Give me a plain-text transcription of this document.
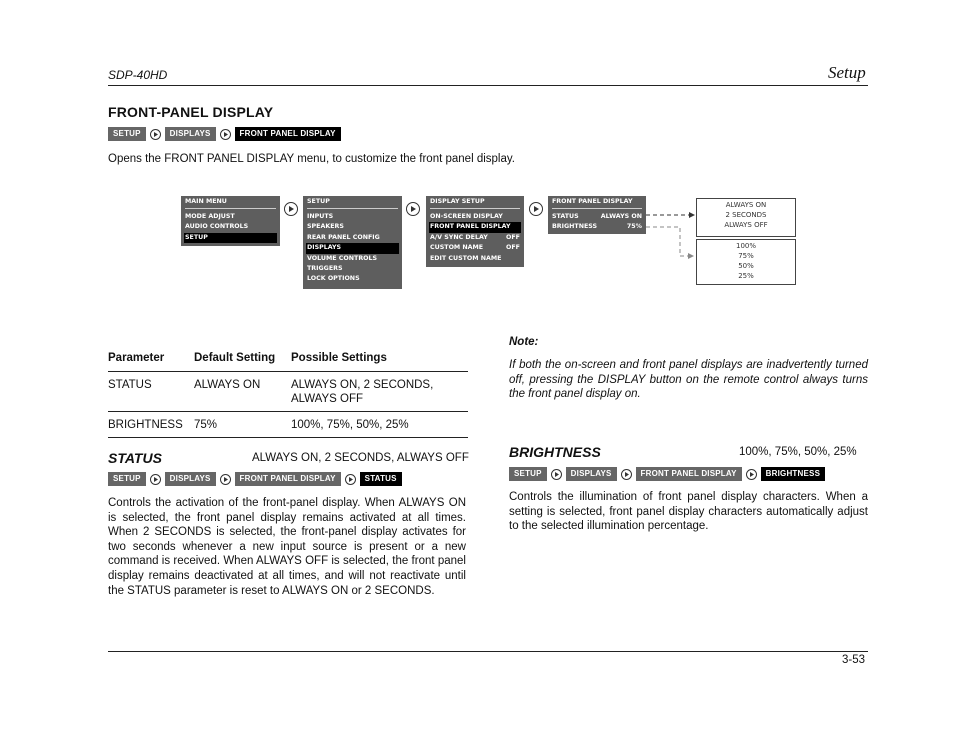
SDP-40HD	Setup
FRONT-PANEL DISPLAY
SETUP	DISPLAYS	FRONT PANEL DISPLAY
Opens the FRONT PANEL DISPLAY menu, to customize the front panel display.
MAIN MENU
MODE ADJUST
AUDIO CONTROLS
SETUP
SETUP
INPUTS
SPEAKERS
REAR PANEL CONFIG
DISPLAYS
VOLUME CONTROLS
TRIGGERS
LOCK OPTIONS
DISPLAY SETUP
ON-SCREEN DISPLAY
FRONT PANEL DISPLAY
A/V SYNC DELAY	OFF
CUSTOM NAME	OFF
EDIT CUSTOM NAME
FRONT PANEL DISPLAY
STATUS	ALWAYS ON
BRIGHTNESS	75%
ALWAYS ON
2 SECONDS
ALWAYS OFF
100%
75%
50%
25%
Parameter	Default Setting	Possible Settings
STATUS	ALWAYS ON	ALWAYS ON, 2 SECONDS, ALWAYS OFF
BRIGHTNESS	75%	100%, 75%, 50%, 25%
STATUS	ALWAYS ON, 2 SECONDS, ALWAYS OFF
SETUP	DISPLAYS	FRONT PANEL DISPLAY	STATUS
Controls the activation of the front-panel display. When ALWAYS ON is selected, the front panel display remains activated at all times. When 2 SECONDS is selected, the front-panel display activates for two seconds whenever a new input source is present or a new command is received. When ALWAYS OFF is selected, the front panel display remains deactivated at all times, and will not reactivate until the STATUS parameter is reset to ALWAYS ON or 2 SECONDS.
Note:
If both the on-screen and front panel displays are inadvertently turned off, pressing the DISPLAY button on the remote control always turns the front panel display on.
BRIGHTNESS	100%, 75%, 50%, 25%
SETUP	DISPLAYS	FRONT PANEL DISPLAY	BRIGHTNESS
Controls the illumination of front panel display characters. When a setting is selected, front panel display characters automatically adjust to the selected illumination percentage.
3-53
